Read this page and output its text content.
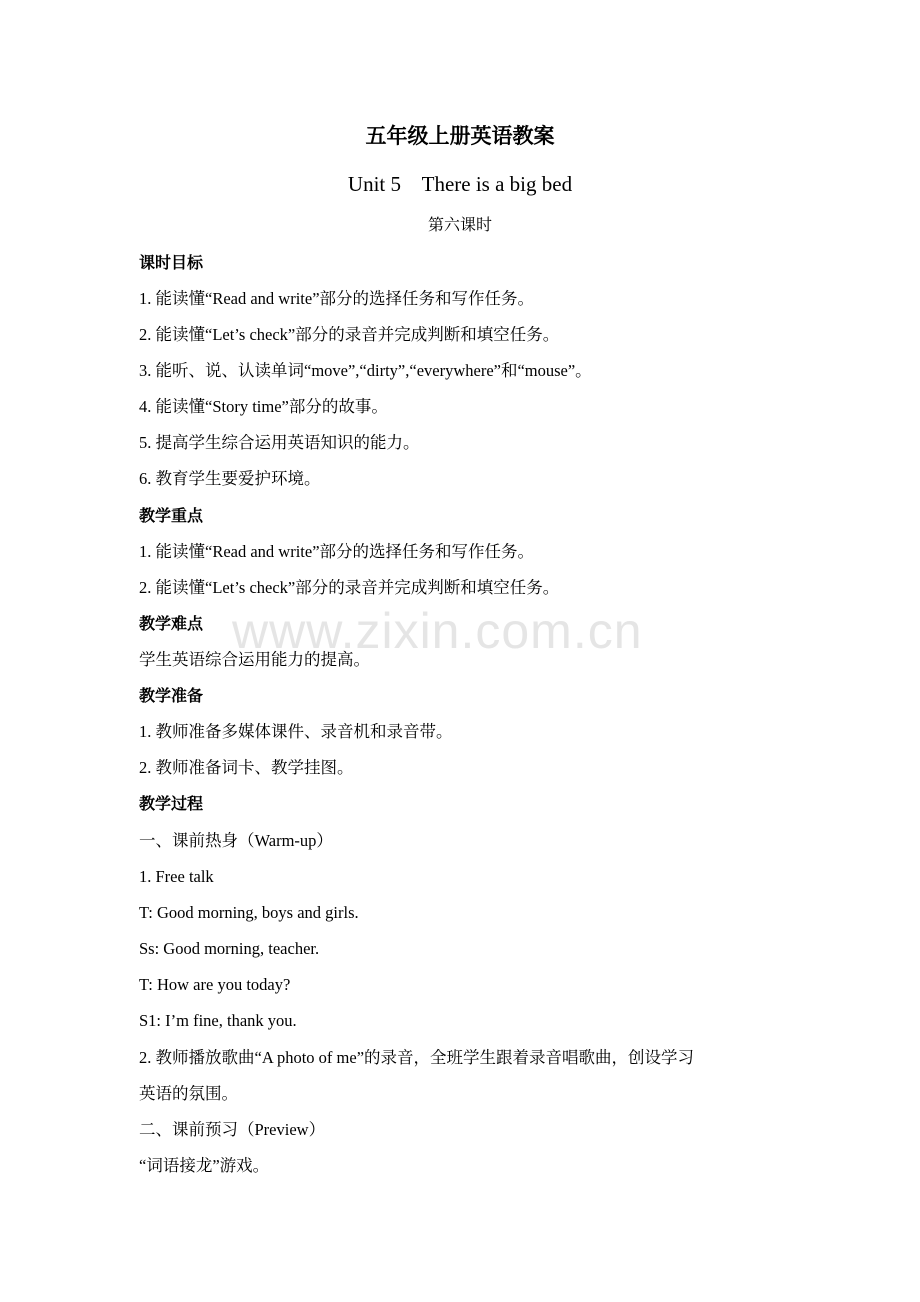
五年级上册英语教案
Unit 5    There is a big bed
第六课时
课时目标
1. 能读懂“Read and write”部分的选择任务和写作任务。
2. 能读懂“Let’s check”部分的录音并完成判断和填空任务。
3. 能听、说、认读单词“move”,“dirty”,“everywhere”和“mouse”。
4. 能读懂“Story time”部分的故事。
5. 提高学生综合运用英语知识的能力。
6. 教育学生要爱护环境。
教学重点
1. 能读懂“Read and write”部分的选择任务和写作任务。
2. 能读懂“Let’s check”部分的录音并完成判断和填空任务。
教学难点
学生英语综合运用能力的提高。
教学准备
1. 教师准备多媒体课件、录音机和录音带。
2. 教师准备词卡、教学挂图。
教学过程
一、课前热身（Warm-up）
1. Free talk
T: Good morning, boys and girls.
Ss: Good morning, teacher.
T: How are you today?
S1: I’m fine, thank you.
2. 教师播放歌曲“A photo of me”的录音，全班学生跟着录音唱歌曲，创设学习
英语的氛围。
二、课前预习（Preview）
“词语接龙”游戏。
www.zixin.com.cn
